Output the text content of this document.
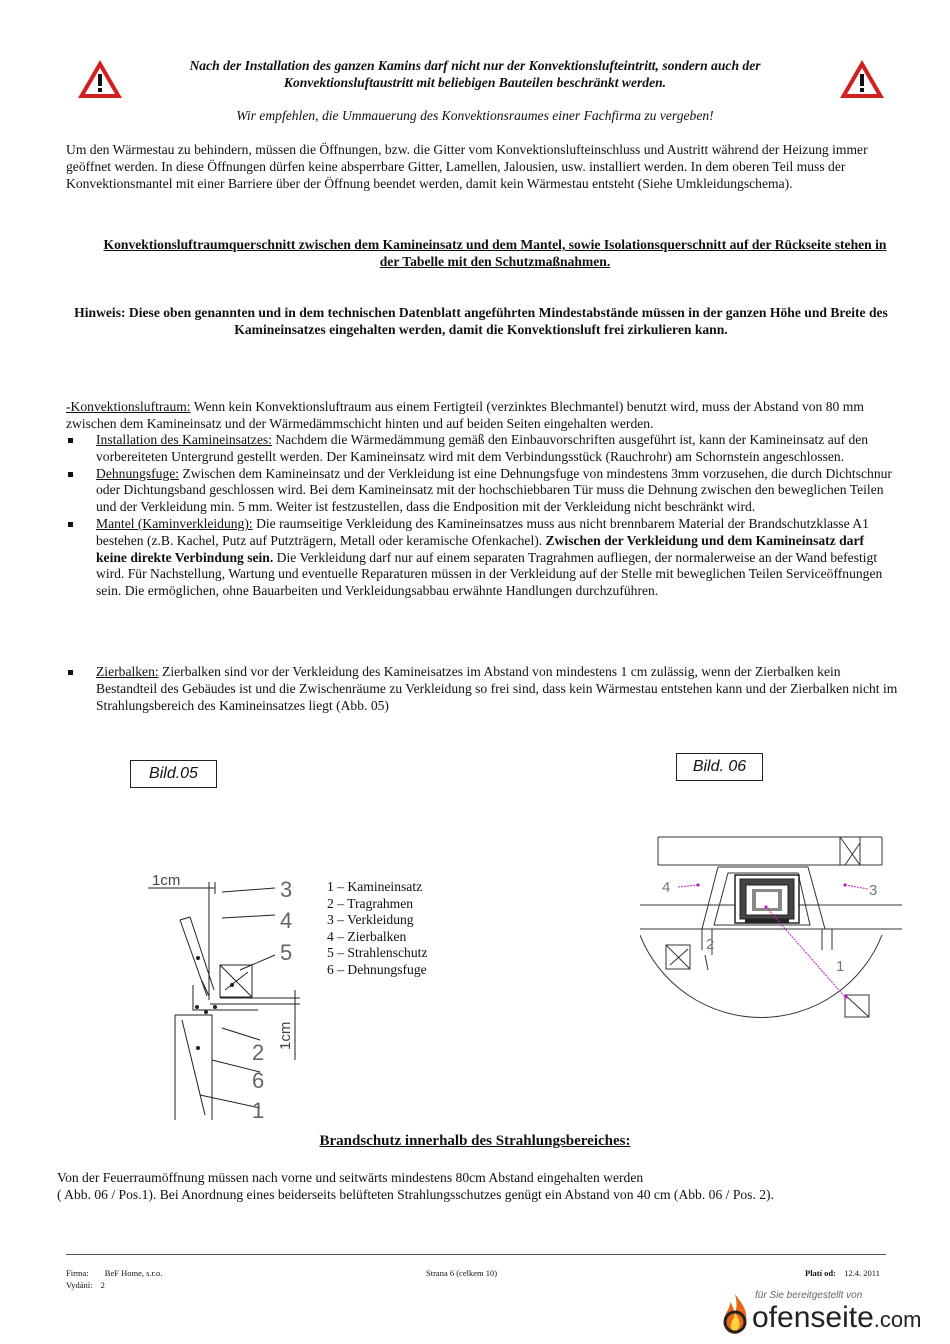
Nach der Installation des ganzen Kamins darf nicht nur der Konvektionslufteintritt, sondern auch der Konvektionsluftaustritt mit beliebigen Bauteilen beschränkt werden.
Wir empfehlen, die Ummauerung des Konvektionsraumes einer Fachfirma zu vergeben!
Um den Wärmestau zu behindern, müssen die Öffnungen, bzw. die Gitter vom Konvektionslufteinschluss und Austritt während der Heizung immer geöffnet werden. In diese Öffnungen dürfen keine absperrbare Gitter, Lamellen, Jalousien, usw. installiert werden. In dem oberen Teil muss der Konvektionsmantel mit einer Barriere über der Öffnung beendet werden, damit kein Wärmestau entsteht (Siehe Umkleidungschema).
Konvektionsluftraumquerschnitt zwischen dem Kamineinsatz und dem Mantel, sowie Isolationsquerschnitt auf der Rückseite stehen in der Tabelle mit den Schutzmaßnahmen.
Hinweis: Diese oben genannten und in dem technischen Datenblatt angeführten Mindestabstände müssen in der ganzen Höhe und Breite des Kamineinsatzes eingehalten werden, damit die Konvektionsluft frei zirkulieren kann.
-Konvektionsluftraum: Wenn kein Konvektionsluftraum aus einem Fertigteil (verzinktes Blechmantel) benutzt wird, muss der Abstand von 80 mm zwischen dem Kamineinsatz und der Wärmedämmschicht hinten und auf beiden Seiten eingehalten werden.
Installation des Kamineinsatzes: Nachdem die Wärmedämmung gemäß den Einbauvorschriften ausgeführt ist, kann der Kamineinsatz auf den vorbereiteten Untergrund gestellt werden. Der Kamineinsatz wird mit dem Verbindungsstück (Rauchrohr) am Schornstein angeschlossen.
Dehnungsfuge: Zwischen dem Kamineinsatz und der Verkleidung ist eine Dehnungsfuge von mindestens 3mm vorzusehen, die durch Dichtschnur oder Dichtungsband geschlossen wird. Bei dem Kamineinsatz mit der hochschiebbaren Tür muss die Dehnung zwischen den beweglichen Teilen und der Verkleidung min. 5 mm. Weiter ist festzustellen, dass die Endposition mit der Verkleidung nicht beschränkt wird.
Mantel (Kaminverkleidung): Die raumseitige Verkleidung des Kamineinsatzes muss aus nicht brennbarem Material der Brandschutzklasse A1 bestehen (z.B. Kachel, Putz auf Putzträgern, Metall oder keramische Ofenkachel). Zwischen der Verkleidung und dem Kamineinsatz darf keine direkte Verbindung sein. Die Verkleidung darf nur auf einem separaten Tragrahmen aufliegen, der normalerweise an der Wand befestigt wird. Für Nachstellung, Wartung und eventuelle Reparaturen müssen in der Verkleidung auf der Stelle mit beweglichen Teilen Serviceöffnungen sein. Die ermöglichen, ohne Bauarbeiten und Verkleidungsabbau erwähnte Handlungen durchzuführen.
Zierbalken: Zierbalken sind vor der Verkleidung des Kamineisatzes im Abstand von mindestens 1 cm zulässig, wenn der Zierbalken kein Bestandteil des Gebäudes ist und die Zwischenräume zu Verkleidung so frei sind, dass kein Wärmestau entstehen kann und der Zierbalken nicht im Strahlungsbereich des Kamineinsatzes liegt (Abb. 05)
Bild.05	Bild. 06
1cm
1cm
3
4
5
2
6
1
1 – Kamineinsatz
2 – Tragrahmen
3 – Verkleidung
4 – Zierbalken
5 – Strahlenschutz
6 – Dehnungsfuge
4	3
2
1
Brandschutz innerhalb des Strahlungsbereiches:
Von der Feuerraumöffnung müssen nach vorne und seitwärts mindestens 80cm Abstand eingehalten werden
( Abb. 06 / Pos.1). Bei Anordnung eines beiderseits belüfteten Strahlungsschutzes genügt ein Abstand von 40 cm (Abb. 06 / Pos. 2).
Firma: BeF Home, s.r.o.
Vydání: 2
Strana 6 (celkem 10)	Platí od: 12.4. 2011
für Sie bereitgestellt von
ofenseite.com
